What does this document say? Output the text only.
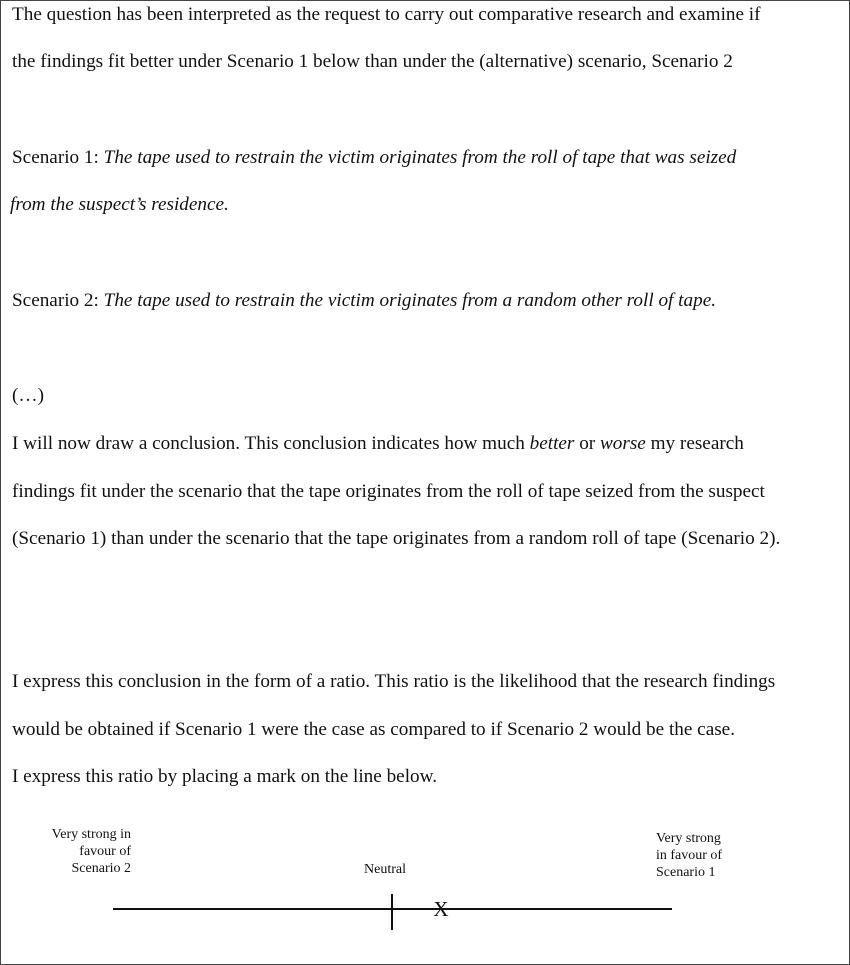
The question has been interpreted as the request to carry out comparative research and examine if
the findings fit better under Scenario 1 below than under the (alternative) scenario, Scenario 2
Scenario 1: The tape used to restrain the victim originates from the roll of tape that was seized
from the suspect’s residence.
Scenario 2: The tape used to restrain the victim originates from a random other roll of tape.
(…)
I will now draw a conclusion. This conclusion indicates how much better or worse my research
findings fit under the scenario that the tape originates from the roll of tape seized from the suspect
(Scenario 1) than under the scenario that the tape originates from a random roll of tape (Scenario 2).
I express this conclusion in the form of a ratio. This ratio is the likelihood that the research findings
would be obtained if Scenario 1 were the case as compared to if Scenario 2 would be the case.
I express this ratio by placing a mark on the line below.
Very strong in
favour of
Scenario 2	Neutral
Very strong
in favour of
Scenario 1
X
